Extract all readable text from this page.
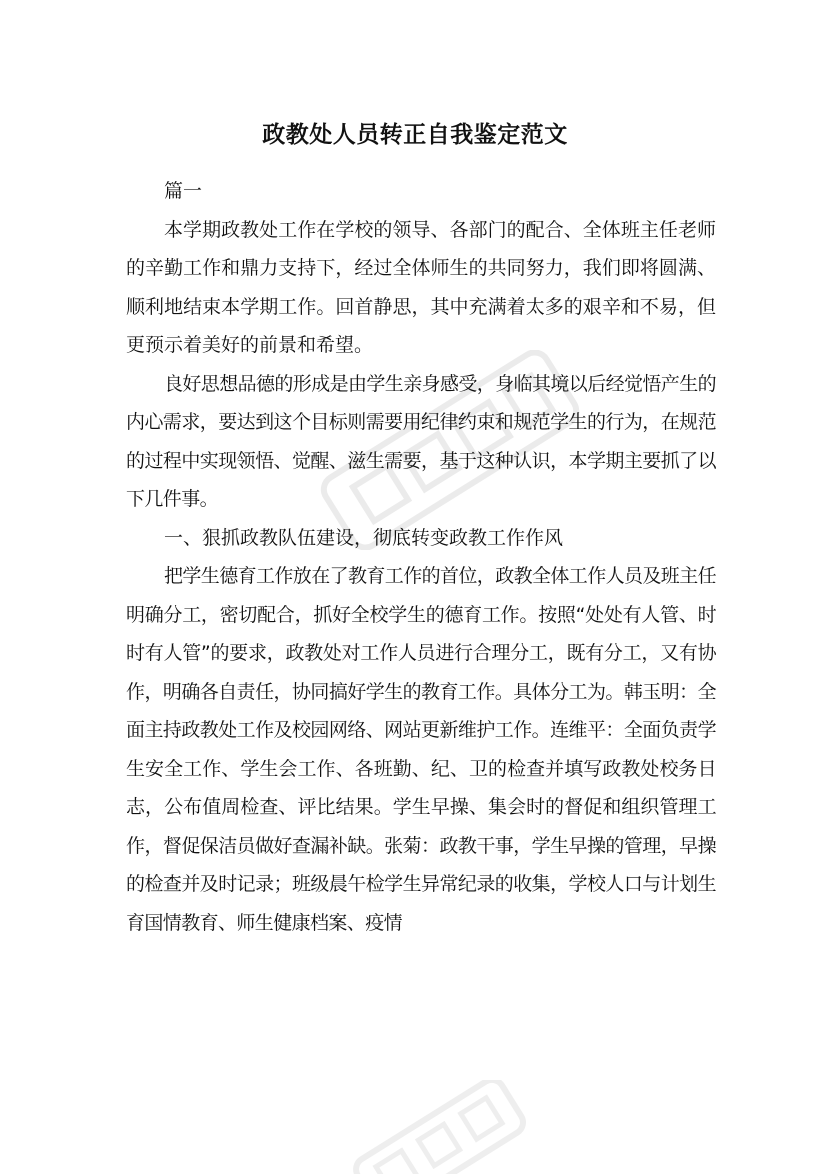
政教处人员转正自我鉴定范文

篇一

本学期政教处工作在学校的领导、各部门的配合、全体班主任老师的辛勤工作和鼎力支持下，经过全体师生的共同努力，我们即将圆满、顺利地结束本学期工作。回首静思，其中充满着太多的艰辛和不易，但更预示着美好的前景和希望。

良好思想品德的形成是由学生亲身感受，身临其境以后经觉悟产生的内心需求，要达到这个目标则需要用纪律约束和规范学生的行为，在规范的过程中实现领悟、觉醒、滋生需要，基于这种认识，本学期主要抓了以下几件事。

一、狠抓政教队伍建设，彻底转变政教工作作风

把学生德育工作放在了教育工作的首位，政教全体工作人员及班主任明确分工，密切配合，抓好全校学生的德育工作。按照“处处有人管、时时有人管”的要求，政教处对工作人员进行合理分工，既有分工，又有协作，明确各自责任，协同搞好学生的教育工作。具体分工为。韩玉明：全面主持政教处工作及校园网络、网站更新维护工作。连维平：全面负责学生安全工作、学生会工作、各班勤、纪、卫的检查并填写政教处校务日志，公布值周检查、评比结果。学生早操、集会时的督促和组织管理工作，督促保洁员做好查漏补缺。张菊：政教干事，学生早操的管理，早操的检查并及时记录；班级晨午检学生异常纪录的收集，学校人口与计划生育国情教育、师生健康档案、疫情
